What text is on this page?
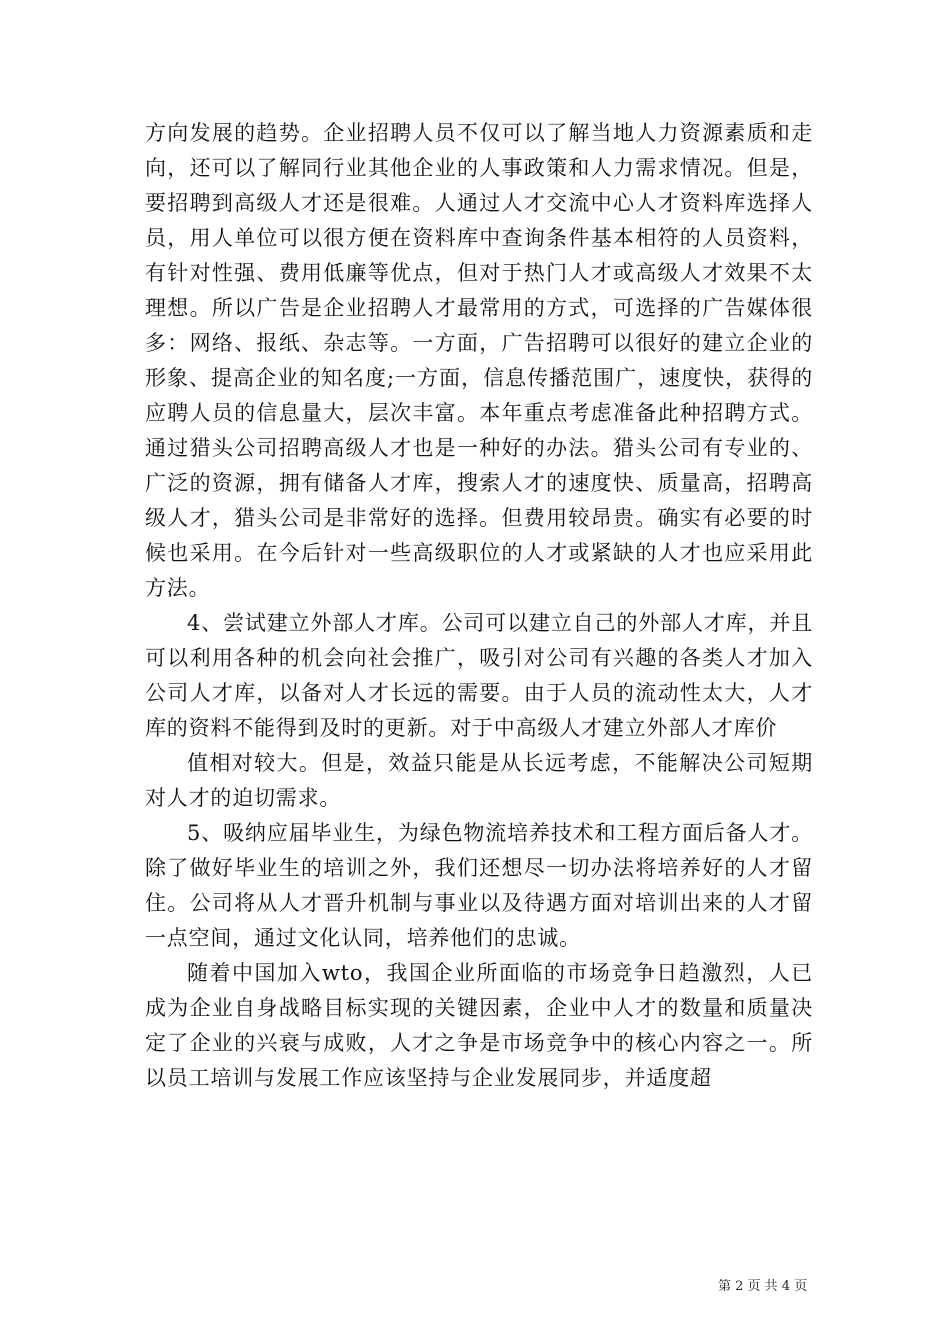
方向发展的趋势。企业招聘人员不仅可以了解当地人力资源素质和走向，还可以了解同行业其他企业的人事政策和人力需求情况。但是，要招聘到高级人才还是很难。人通过人才交流中心人才资料库选择人员，用人单位可以很方便在资料库中查询条件基本相符的人员资料，有针对性强、费用低廉等优点，但对于热门人才或高级人才效果不太理想。所以广告是企业招聘人才最常用的方式，可选择的广告媒体很多：网络、报纸、杂志等。一方面，广告招聘可以很好的建立企业的形象、提高企业的知名度;一方面，信息传播范围广，速度快，获得的应聘人员的信息量大，层次丰富。本年重点考虑准备此种招聘方式。通过猎头公司招聘高级人才也是一种好的办法。猎头公司有专业的、广泛的资源，拥有储备人才库，搜索人才的速度快、质量高，招聘高级人才，猎头公司是非常好的选择。但费用较昂贵。确实有必要的时候也采用。在今后针对一些高级职位的人才或紧缺的人才也应采用此方法。

4、尝试建立外部人才库。公司可以建立自己的外部人才库，并且可以利用各种的机会向社会推广，吸引对公司有兴趣的各类人才加入公司人才库，以备对人才长远的需要。由于人员的流动性太大，人才库的资料不能得到及时的更新。对于中高级人才建立外部人才库价

值相对较大。但是，效益只能是从长远考虑，不能解决公司短期对人才的迫切需求。

5、吸纳应届毕业生，为绿色物流培养技术和工程方面后备人才。除了做好毕业生的培训之外，我们还想尽一切办法将培养好的人才留住。公司将从人才晋升机制与事业以及待遇方面对培训出来的人才留一点空间，通过文化认同，培养他们的忠诚。

随着中国加入wto，我国企业所面临的市场竞争日趋激烈，人已成为企业自身战略目标实现的关键因素，企业中人才的数量和质量决定了企业的兴衰与成败，人才之争是市场竞争中的核心内容之一。所以员工培训与发展工作应该坚持与企业发展同步，并适度超

第 2 页 共 4 页
